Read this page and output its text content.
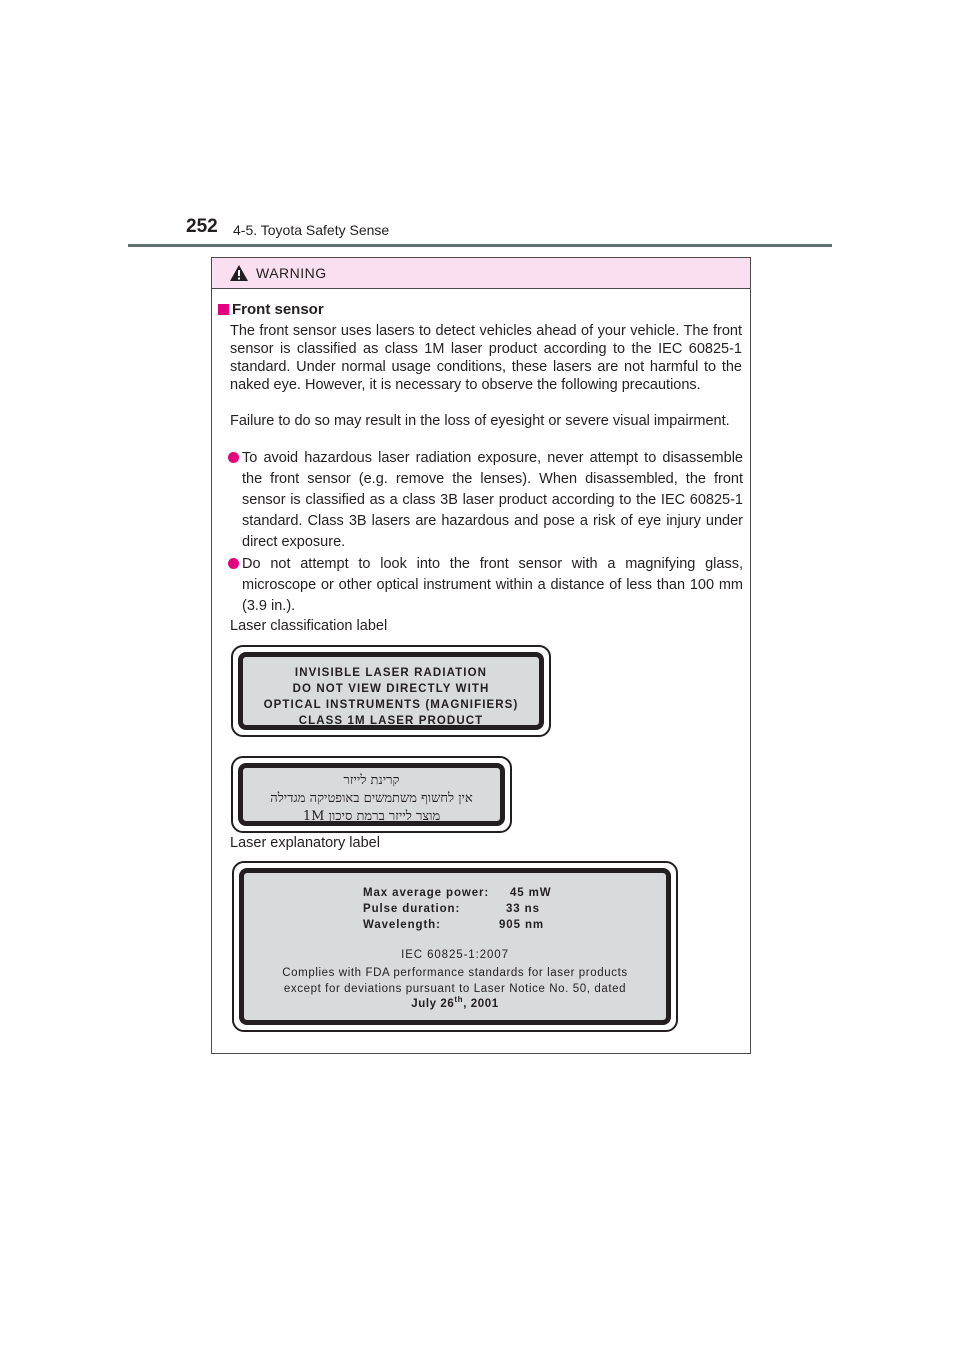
252 4-5. Toyota Safety Sense
WARNING
Front sensor
The front sensor uses lasers to detect vehicles ahead of your vehicle. The front sensor is classified as class 1M laser product according to the IEC 60825-1 standard. Under normal usage conditions, these lasers are not harmful to the naked eye. However, it is necessary to observe the following precautions.
Failure to do so may result in the loss of eyesight or severe visual impairment.
To avoid hazardous laser radiation exposure, never attempt to disassemble the front sensor (e.g. remove the lenses). When disassembled, the front sensor is classified as a class 3B laser product according to the IEC 60825-1 standard. Class 3B lasers are hazardous and pose a risk of eye injury under direct exposure.
Do not attempt to look into the front sensor with a magnifying glass, microscope or other optical instrument within a distance of less than 100 mm (3.9 in.).
Laser classification label
Laser explanatory label
INVISIBLE LASER RADIATION
DO NOT VIEW DIRECTLY WITH
OPTICAL INSTRUMENTS (MAGNIFIERS)
CLASS 1M LASER PRODUCT
קרינת לייזר
אין לחשוף משתמשים באופטיקה מגדילה
מוצר לייזר ברמת סיכון 1M
Max average power: 45 mW
Pulse duration:	33 ns
Wavelength:	905 nm
IEC 60825-1:2007
Complies with FDA performance standards for laser products
except for deviations pursuant to Laser Notice No. 50, dated
July 26th, 2001
